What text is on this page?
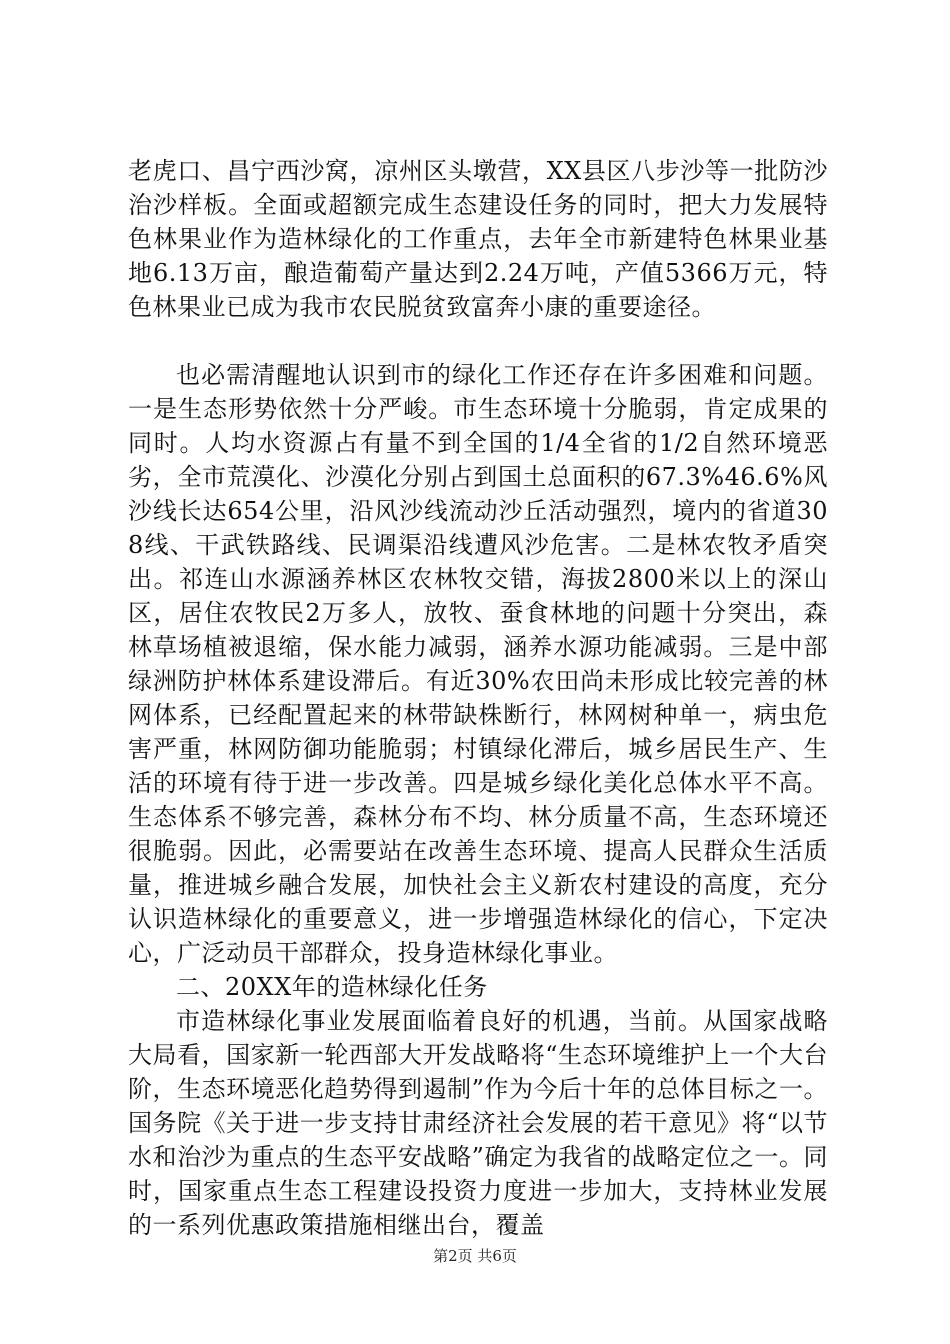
老虎口、昌宁西沙窝，凉州区头墩营，XX县区八步沙等一批防沙治沙样板。全面或超额完成生态建设任务的同时，把大力发展特色林果业作为造林绿化的工作重点，去年全市新建特色林果业基地6.13万亩，酿造葡萄产量达到2.24万吨，产值5366万元，特色林果业已成为我市农民脱贫致富奔小康的重要途径。

也必需清醒地认识到市的绿化工作还存在许多困难和问题。一是生态形势依然十分严峻。市生态环境十分脆弱，肯定成果的同时。人均水资源占有量不到全国的1/4全省的1/2自然环境恶劣，全市荒漠化、沙漠化分别占到国土总面积的67.3%46.6%风沙线长达654公里，沿风沙线流动沙丘活动强烈，境内的省道308线、干武铁路线、民调渠沿线遭风沙危害。二是林农牧矛盾突出。祁连山水源涵养林区农林牧交错，海拔2800米以上的深山区，居住农牧民2万多人，放牧、蚕食林地的问题十分突出，森林草场植被退缩，保水能力减弱，涵养水源功能减弱。三是中部绿洲防护林体系建设滞后。有近30%农田尚未形成比较完善的林网体系，已经配置起来的林带缺株断行，林网树种单一，病虫危害严重，林网防御功能脆弱；村镇绿化滞后，城乡居民生产、生活的环境有待于进一步改善。四是城乡绿化美化总体水平不高。生态体系不够完善，森林分布不均、林分质量不高，生态环境还很脆弱。因此，必需要站在改善生态环境、提高人民群众生活质量，推进城乡融合发展，加快社会主义新农村建设的高度，充分认识造林绿化的重要意义，进一步增强造林绿化的信心，下定决心，广泛动员干部群众，投身造林绿化事业。

二、20XX年的造林绿化任务

市造林绿化事业发展面临着良好的机遇，当前。从国家战略大局看，国家新一轮西部大开发战略将“生态环境维护上一个大台阶，生态环境恶化趋势得到遏制”作为今后十年的总体目标之一。国务院《关于进一步支持甘肃经济社会发展的若干意见》将“以节水和治沙为重点的生态平安战略”确定为我省的战略定位之一。同时，国家重点生态工程建设投资力度进一步加大，支持林业发展的一系列优惠政策措施相继出台，覆盖

第2页 共6页
